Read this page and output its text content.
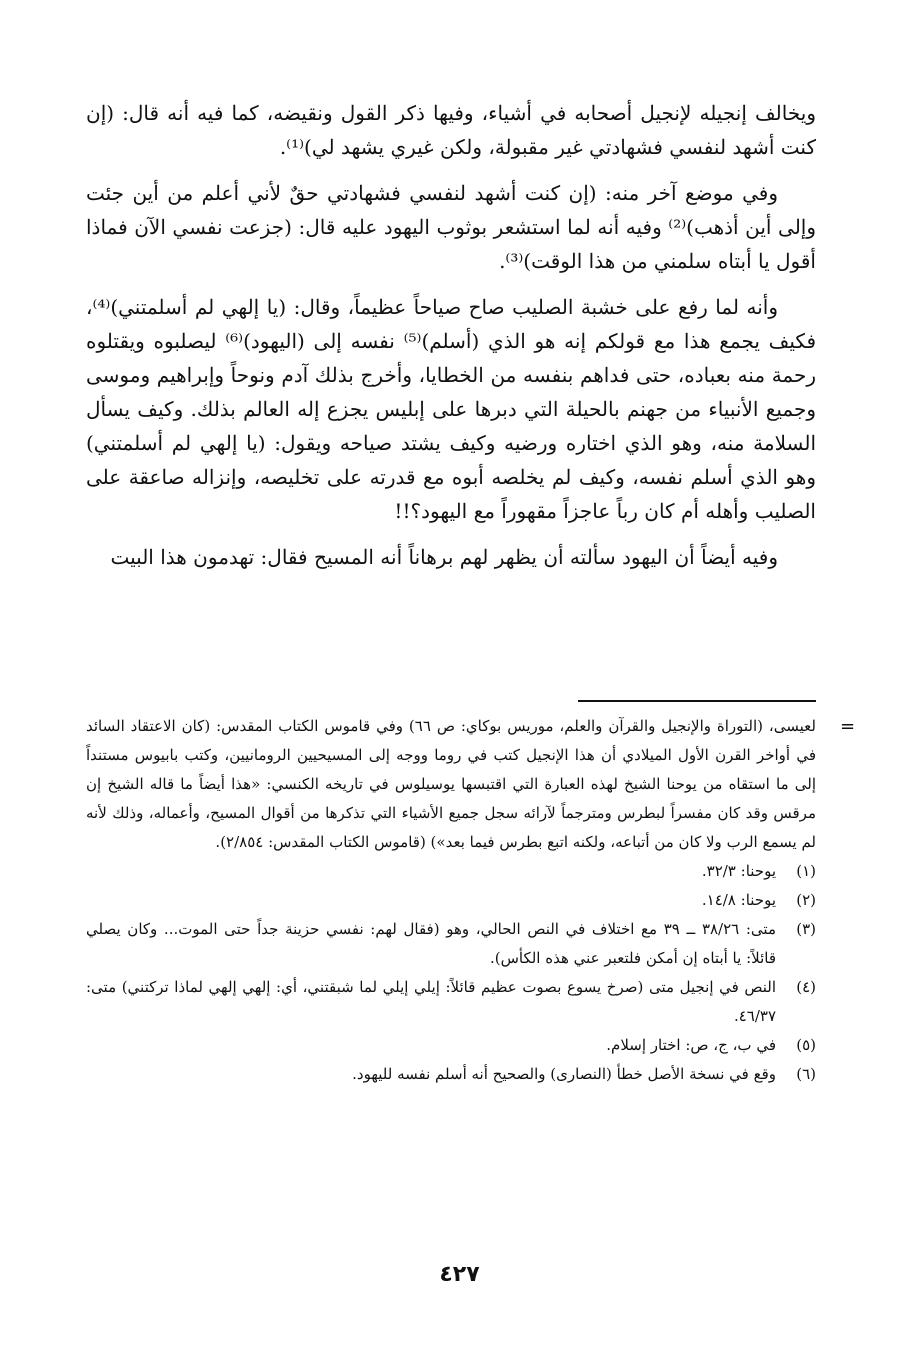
ويخالف إنجيله لإنجيل أصحابه في أشياء، وفيها ذكر القول ونقيضه، كما فيه أنه قال: (إن كنت أشهد لنفسي فشهادتي غير مقبولة، ولكن غيري يشهد لي)⁽¹⁾.

وفي موضع آخر منه: (إن كنت أشهد لنفسي فشهادتي حقٌ لأني أعلم من أين جئت وإلى أين أذهب)⁽²⁾ وفيه أنه لما استشعر بوثوب اليهود عليه قال: (جزعت نفسي الآن فماذا أقول يا أبتاه سلمني من هذا الوقت)⁽³⁾.

وأنه لما رفع على خشبة الصليب صاح صياحاً عظيماً، وقال: (يا إلهي لم أسلمتني)⁽⁴⁾، فكيف يجمع هذا مع قولكم إنه هو الذي (أسلم)⁽⁵⁾ نفسه إلى (اليهود)⁽⁶⁾ ليصلبوه ويقتلوه رحمة منه بعباده، حتى فداهم بنفسه من الخطايا، وأخرج بذلك آدم ونوحاً وإبراهيم وموسى وجميع الأنبياء من جهنم بالحيلة التي دبرها على إبليس يجزع إله العالم بذلك. وكيف يسأل السلامة منه، وهو الذي اختاره ورضيه وكيف يشتد صياحه ويقول: (يا إلهي لم أسلمتني) وهو الذي أسلم نفسه، وكيف لم يخلصه أبوه مع قدرته على تخليصه، وإنزاله صاعقة على الصليب وأهله أم كان رباً عاجزاً مقهوراً مع اليهود؟!!

وفيه أيضاً أن اليهود سألته أن يظهر لهم برهاناً أنه المسيح فقال: تهدمون هذا البيت

=

لعيسى، (التوراة والإنجيل والقرآن والعلم، موريس بوكاي: ص ٦٦) وفي قاموس الكتاب المقدس: (كان الاعتقاد السائد في أواخر القرن الأول الميلادي أن هذا الإنجيل كتب في روما ووجه إلى المسيحيين الرومانيين، وكتب بابيوس مستنداً إلى ما استقاه من يوحنا الشيخ لهذه العبارة التي اقتبسها يوسيلوس في تاريخه الكنسي: «هذا أيضاً ما قاله الشيخ إن مرقس وقد كان مفسراً لبطرس ومترجماً لآرائه سجل جميع الأشياء التي تذكرها من أقوال المسيح، وأعماله، وذلك لأنه لم يسمع الرب ولا كان من أتباعه، ولكنه اتبع بطرس فيما بعد») (قاموس الكتاب المقدس: ٢/٨٥٤).

(١)
يوحنا: ٣٢/٣.
(٢)
يوحنا: ١٤/٨.
(٣)
متى: ٣٨/٢٦ ــ ٣٩ مع اختلاف في النص الحالي، وهو (فقال لهم: نفسي حزينة جداً حتى الموت... وكان يصلي قائلاً: يا أبتاه إن أمكن فلتعبر عني هذه الكأس).
(٤)
النص في إنجيل متى (صرخ يسوع بصوت عظيم قائلاً: إيلي إيلي لما شبقتني، أي: إلهي إلهي لماذا تركتني) متى: ٤٦/٣٧.
(٥)
في ب، ج، ص: اختار إسلام.
(٦)
وقع في نسخة الأصل خطأ (النصارى) والصحيح أنه أسلم نفسه لليهود.
٤٢٧
